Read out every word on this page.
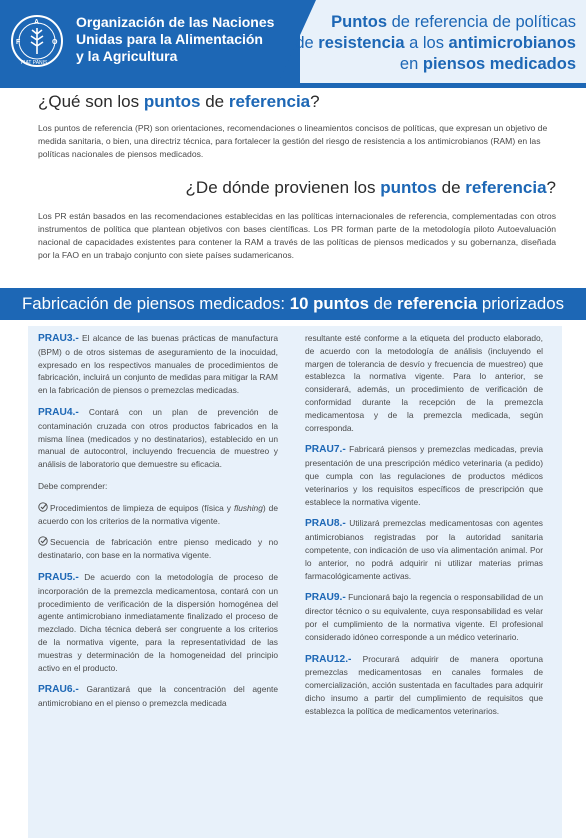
F
A
O
FIAT PANIS
Organización de las Naciones
Unidas para la Alimentación
y la Agricultura
Puntos de referencia de políticas
de resistencia a los antimicrobianos
en piensos medicados
¿Qué son los puntos de referencia?
Los puntos de referencia (PR) son orientaciones, recomendaciones o lineamientos concisos de políticas, que expresan un objetivo de medida sanitaria, o bien, una directriz técnica, para fortalecer la gestión del riesgo de resistencia a los antimicrobianos (RAM) en las políticas nacionales de piensos medicados.
¿De dónde provienen los puntos de referencia?
Los PR están basados en las recomendaciones establecidas en las políticas internacionales de referencia, complementadas con otros instrumentos de política que plantean objetivos con bases científicas. Los PR forman parte de la metodología piloto Autoevaluación nacional de capacidades existentes para contener la RAM a través de las políticas de piensos medicados y su gobernanza, diseñada por la FAO en un trabajo conjunto con siete países sudamericanos.
Fabricación de piensos medicados: 10 puntos de referencia priorizados

PRAU3.- El alcance de las buenas prácticas de manufactura (BPM) o de otros sistemas de aseguramiento de la inocuidad, expresado en los respectivos manuales de procedimientos de fabricación, incluirá un conjunto de medidas para mitigar la RAM en la fabricación de piensos o premezclas medicadas.

PRAU4.- Contará con un plan de prevención de contaminación cruzada con otros productos fabricados en la misma línea (medicados y no destinatarios), establecido en un manual de autocontrol, incluyendo frecuencia de muestreo y análisis de laboratorio que demuestre su eficacia.

Debe comprender:

Procedimientos de limpieza de equipos (física y flushing) de acuerdo con los criterios de la normativa vigente.

Secuencia de fabricación entre pienso medicado y no destinatario, con base en la normativa vigente.

PRAU5.- De acuerdo con la metodología de proceso de incorporación de la premezcla medicamentosa, contará con un procedimiento de verificación de la dispersión homogénea del agente antimicrobiano inmediatamente finalizado el proceso de mezclado. Dicha técnica deberá ser congruente a los criterios de la normativa vigente, para la representatividad de las muestras y determinación de la homogeneidad del principio activo en el producto.

PRAU6.- Garantizará que la concentración del agente antimicrobiano en el pienso o premezcla medicada

resultante esté conforme a la etiqueta del producto elaborado, de acuerdo con la metodología de análisis (incluyendo el margen de tolerancia de desvío y frecuencia de muestreo) que establezca la normativa vigente. Para lo anterior, se considerará, además, un procedimiento de verificación de conformidad durante la recepción de la premezcla medicamentosa y de la premezcla medicada, según corresponda.

PRAU7.- Fabricará piensos y premezclas medicadas, previa presentación de una prescripción médico veterinaria (a pedido) que cumpla con las regulaciones de productos médicos veterinarios y los requisitos específicos de prescripción que establece la normativa vigente.

PRAU8.- Utilizará premezclas medicamentosas con agentes antimicrobianos registradas por la autoridad sanitaria competente, con indicación de uso vía alimentación animal. Por lo anterior, no podrá adquirir ni utilizar materias primas farmacológicamente activas.

PRAU9.- Funcionará bajo la regencia o responsabilidad de un director técnico o su equivalente, cuya responsabilidad es velar por el cumplimiento de la normativa vigente. El profesional considerado idóneo corresponde a un médico veterinario.

PRAU12.- Procurará adquirir de manera oportuna premezclas medicamentosas en canales formales de comercialización, acción sustentada en facultades para adquirir dicho insumo a partir del cumplimiento de requisitos que establezca la política de medicamentos veterinarios.
